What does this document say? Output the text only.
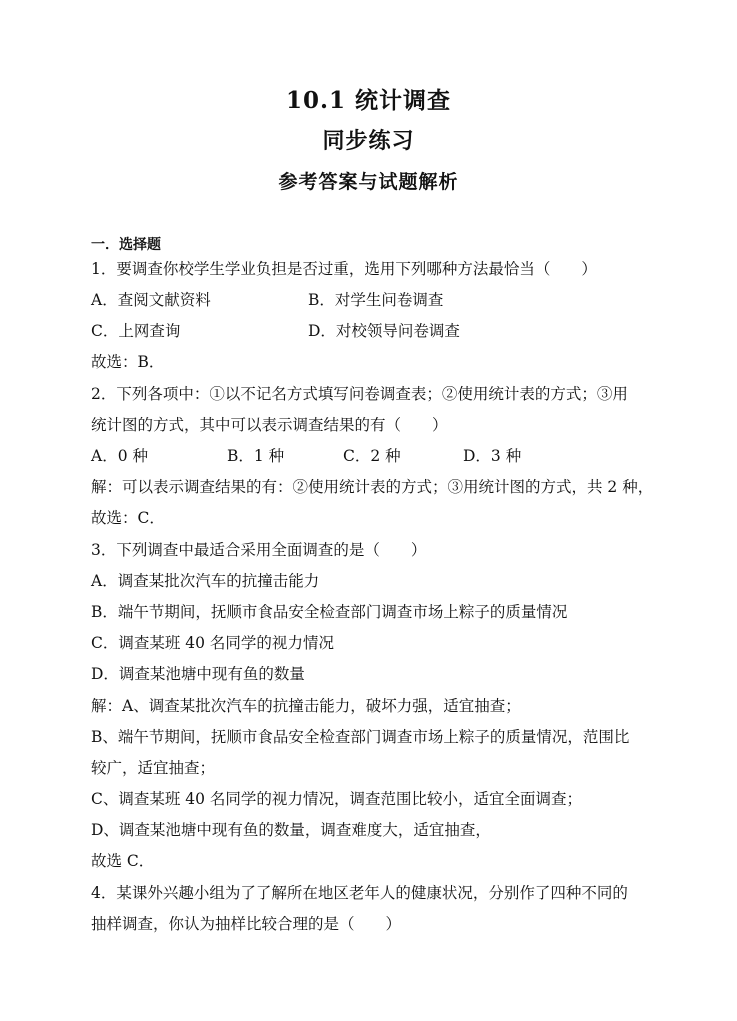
10.1 统计调查
同步练习
参考答案与试题解析
一．选择题
1．要调查你校学生学业负担是否过重，选用下列哪种方法最恰当（　　）
A．查阅文献资料	B．对学生问卷调查
C．上网查询	D．对校领导问卷调查
故选：B．
2．下列各项中：①以不记名方式填写问卷调查表；②使用统计表的方式；③用
统计图的方式，其中可以表示调查结果的有（　　）
A．0 种	B．1 种	C．2 种	D．3 种
解：可以表示调查结果的有：②使用统计表的方式；③用统计图的方式，共 2 种，
故选：C．
3．下列调查中最适合采用全面调查的是（　　）
A．调查某批次汽车的抗撞击能力
B．端午节期间，抚顺市食品安全检查部门调查市场上粽子的质量情况
C．调查某班 40 名同学的视力情况
D．调查某池塘中现有鱼的数量
解：A、调查某批次汽车的抗撞击能力，破坏力强，适宜抽查；
B、端午节期间，抚顺市食品安全检查部门调查市场上粽子的质量情况，范围比
较广，适宜抽查；
C、调查某班 40 名同学的视力情况，调查范围比较小，适宜全面调查；
D、调查某池塘中现有鱼的数量，调查难度大，适宜抽查，
故选 C．
4．某课外兴趣小组为了了解所在地区老年人的健康状况，分别作了四种不同的
抽样调查，你认为抽样比较合理的是（　　）
